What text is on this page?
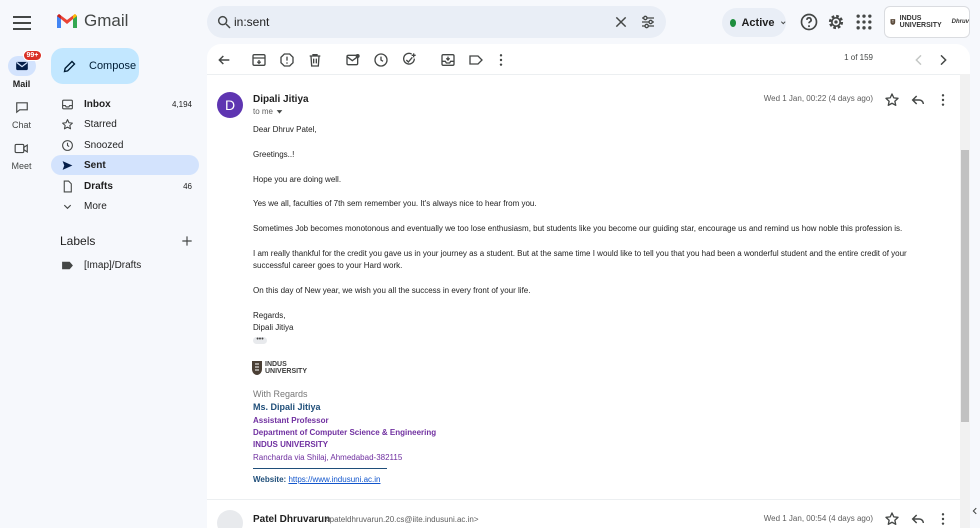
Gmail	in:sent	Active	INDUS
UNIVERSITY Dhruv
99+
Mail
Chat
Meet
Compose
Inbox	4,194
Starred
Snoozed
Sent
Drafts	46
More
Labels
[Imap]/Drafts
1 of 159
D	Dipali Jitiya
to me
Wed 1 Jan, 00:22 (4 days ago)
Dear Dhruv Patel,
Greetings..!
Hope you are doing well.
Yes we all, faculties of 7th sem remember you. It's always nice to hear from you.
Sometimes Job becomes monotonous and eventually we too lose enthusiasm, but students like you become our guiding star, encourage us and remind us how noble this profession is.
I am really thankful for the credit you gave us in your journey as a student. But at the same time I would like to tell you that you had been a wonderful student and the entire credit of your successful career goes to your Hard work.
On this day of New year, we wish you all the success in every front of your life.
Regards,
Dipali Jitiya
•••
INDUS
UNIVERSITY
With Regards
Ms. Dipali Jitiya
Assistant Professor
Department of Computer Science & Engineering
INDUS UNIVERSITY
Rancharda via Shilaj, Ahmedabad-382115
Website: https://www.indusuni.ac.in
Patel Dhruvarun
<pateldhruvarun.20.cs@iite.indusuni.ac.in>	Wed 1 Jan, 00:54 (4 days ago)
